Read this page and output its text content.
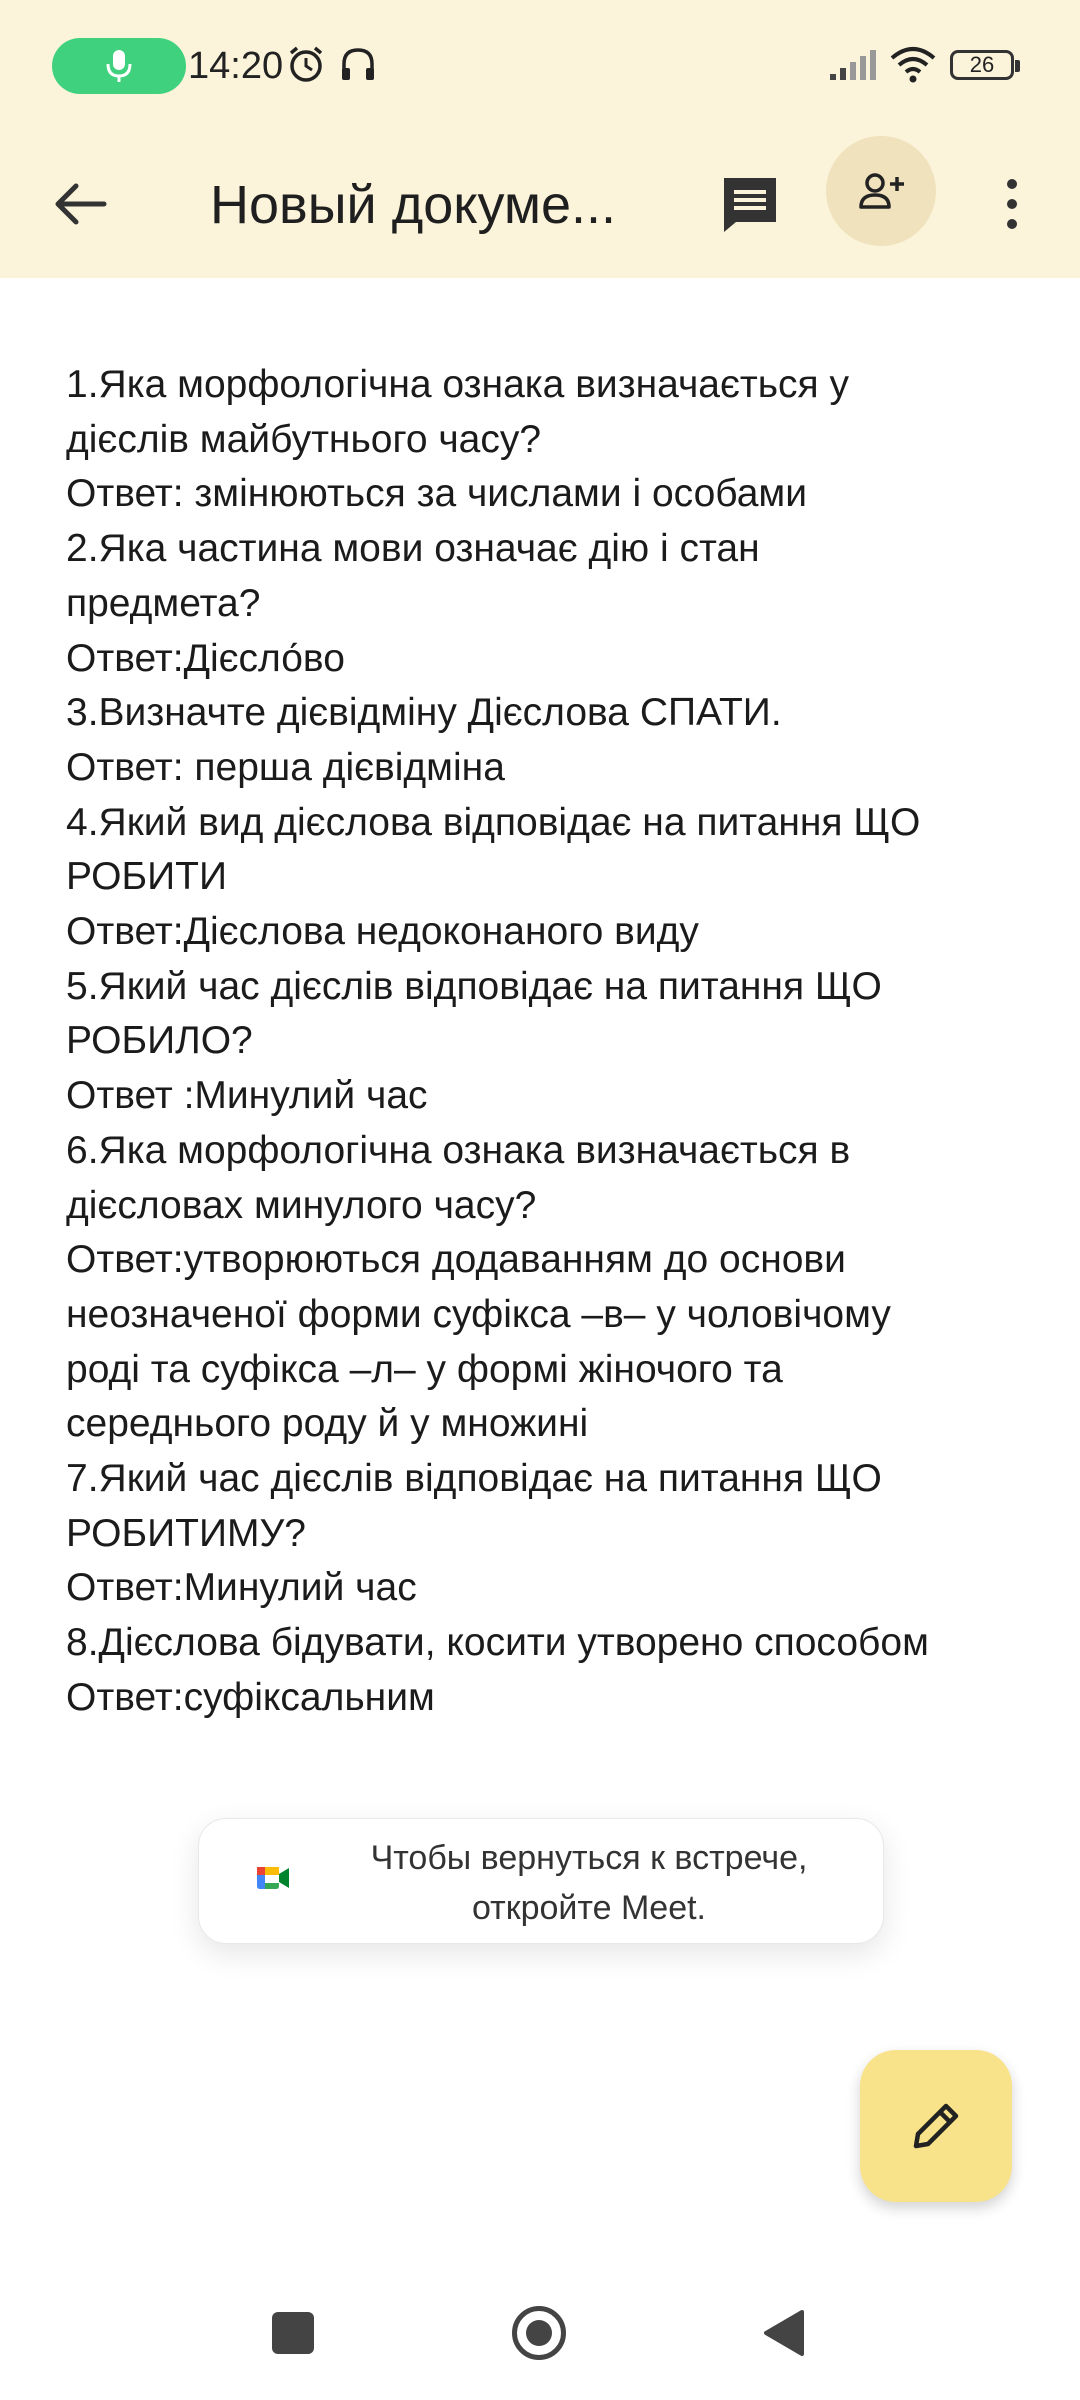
14:20	26
Новый докуме...
1.Яка морфологічна ознака визначається у
дієслів майбутнього часу?
Ответ: змінюються за числами і особами
2.Яка частина мови означає дію і стан
предмета?
Ответ:Дієсло́во
3.Визначте дієвідміну Дієслова СПАТИ.
Ответ: перша дієвідміна
4.Який вид дієслова відповідає на питання ЩО
РОБИТИ
Ответ:Дієслова недоконаного виду
5.Який час дієслів відповідає на питання ЩО
РОБИЛО?
Ответ :Минулий час
6.Яка морфологічна ознака визначається в
дієсловах минулого часу?
Ответ:утворюються додаванням до основи
неозначеної форми суфікса –в– у чоловічому
роді та суфікса –л– у формі жіночого та
середнього роду й у множині
7.Який час дієслів відповідає на питання ЩО
РОБИТИМУ?
Ответ:Минулий час
8.Дієслова бідувати, косити утворено способом
Ответ:суфіксальним
Чтобы вернуться к встрече,
откройте Meet.
